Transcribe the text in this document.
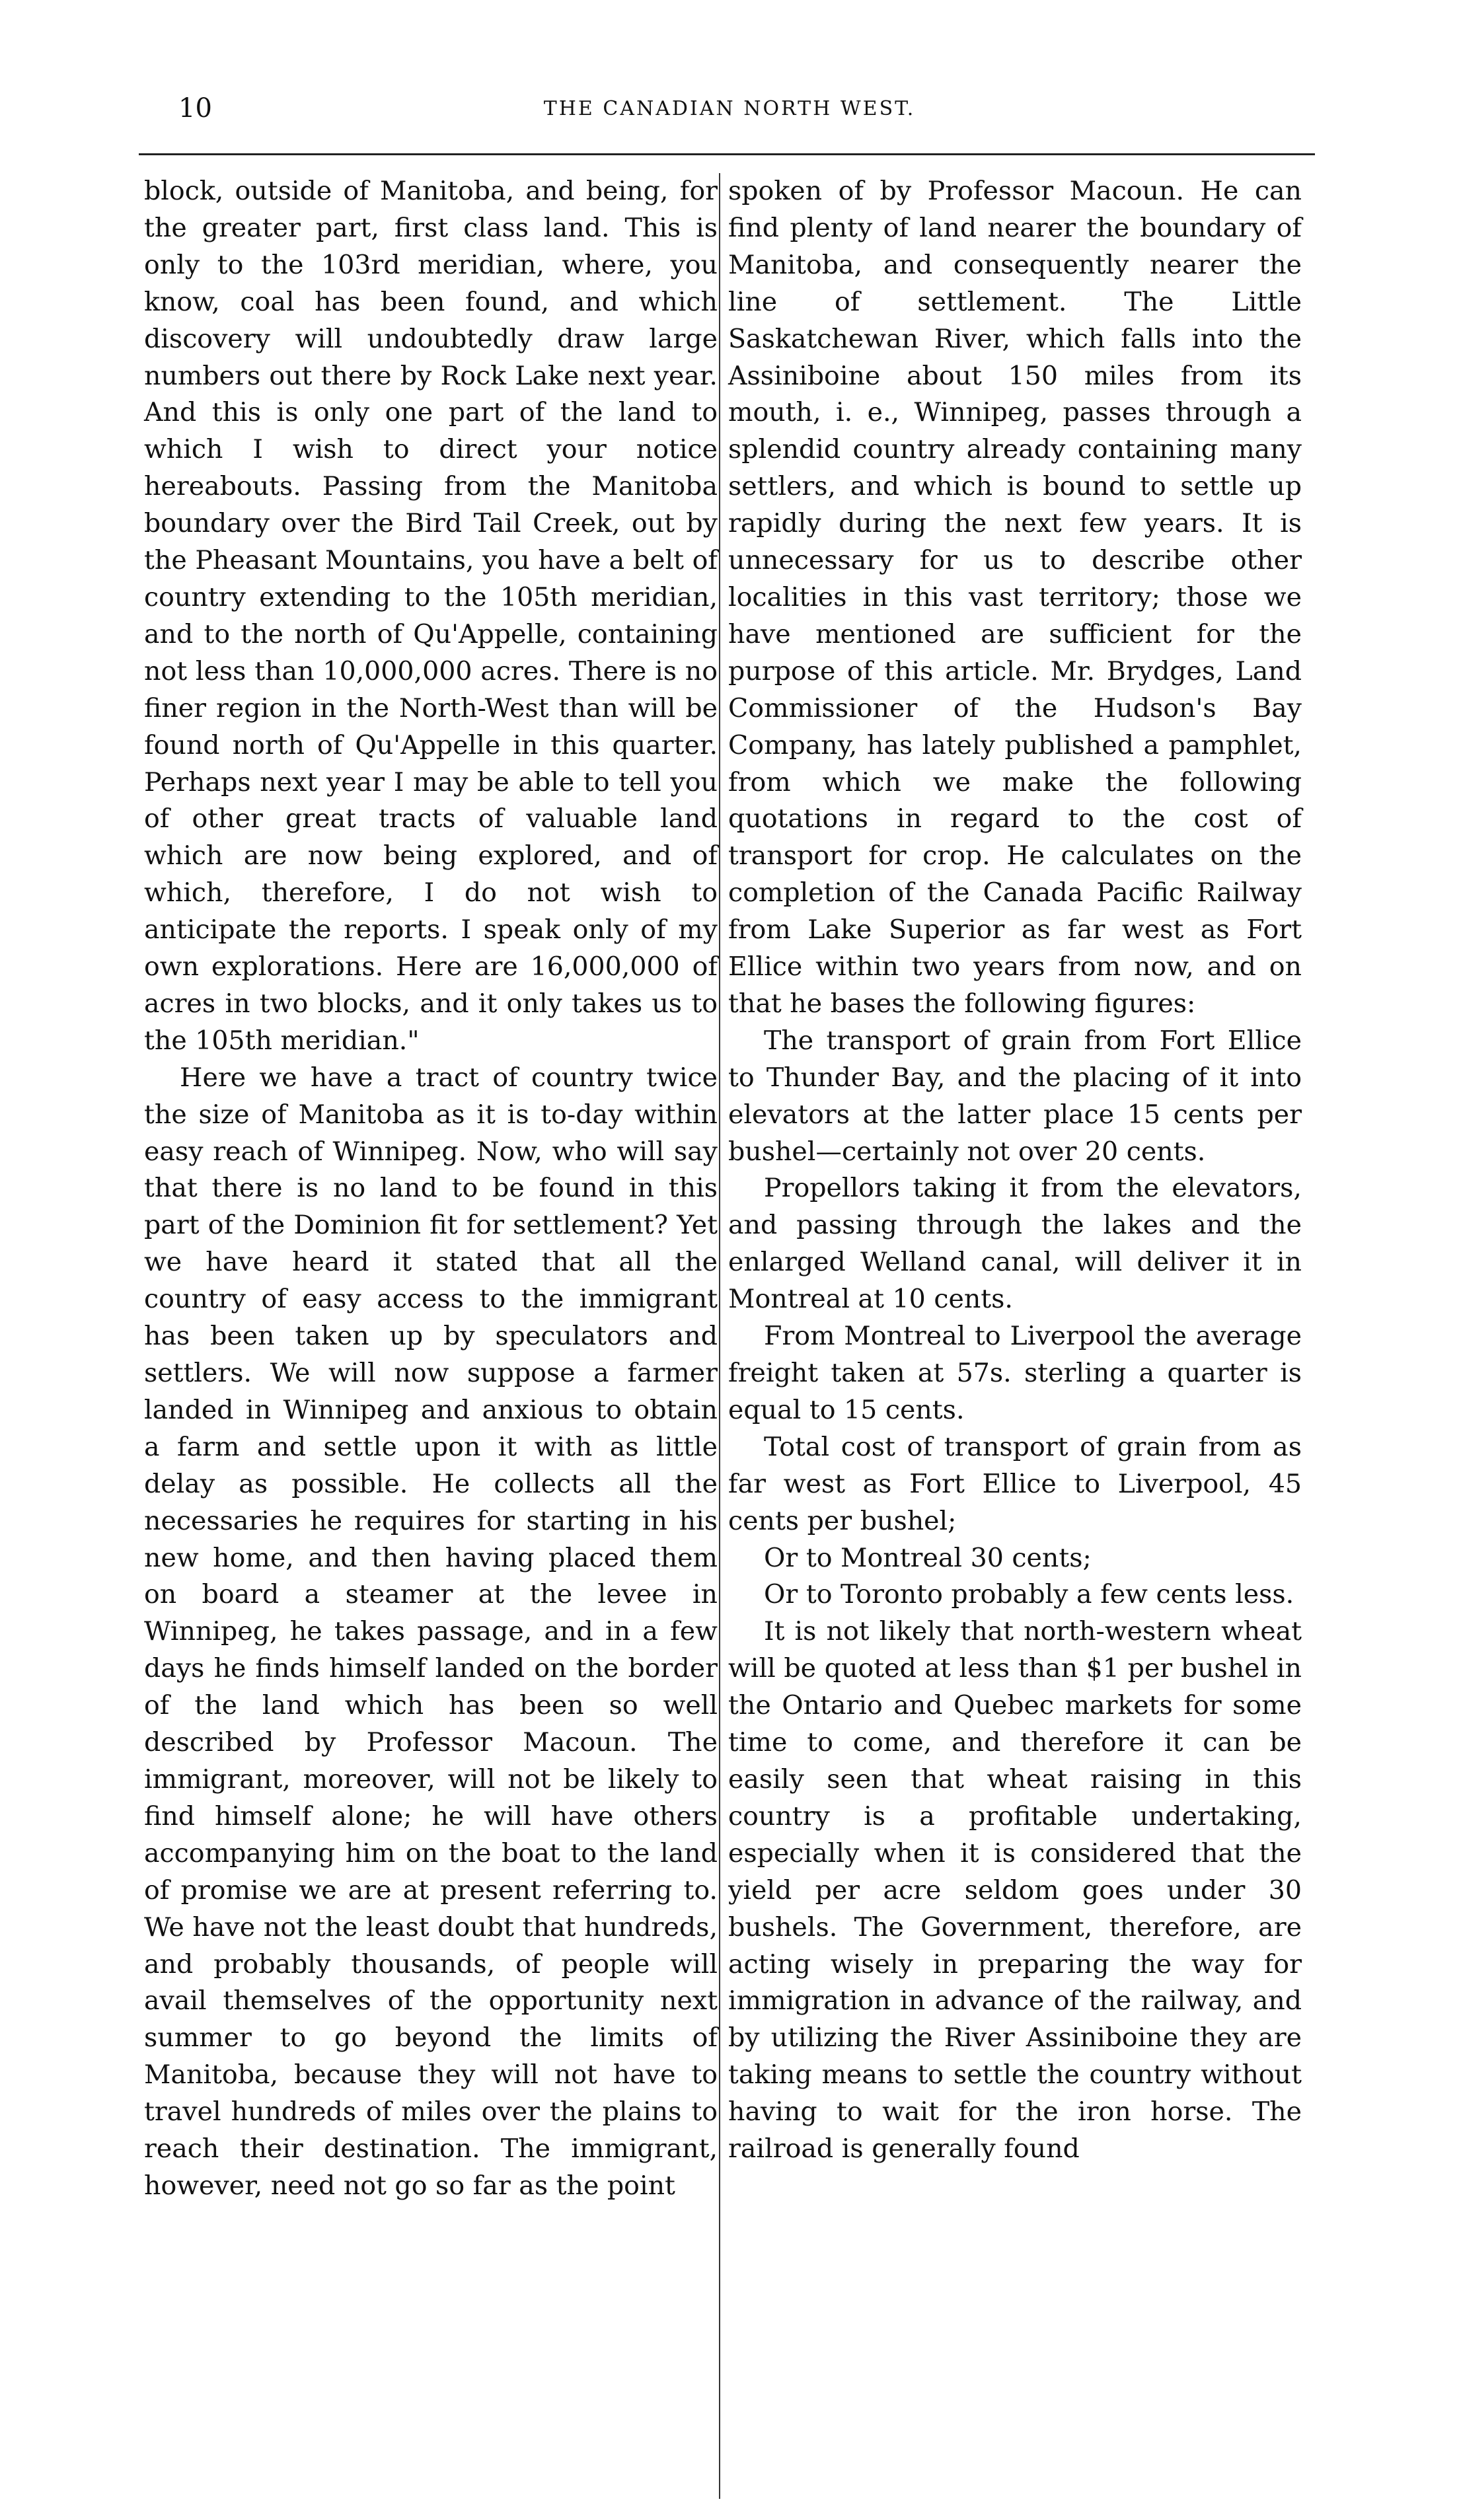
10	THE CANADIAN NORTH WEST.

block, outside of Manitoba, and being, for the greater part, first class land. This is only to the 103rd meridian, where, you know, coal has been found, and which discovery will undoubtedly draw large numbers out there by Rock Lake next year. And this is only one part of the land to which I wish to direct your notice hereabouts. Passing from the Manitoba boundary over the Bird Tail Creek, out by the Pheasant Mountains, you have a belt of country extending to the 105th meridian, and to the north of Qu'Appelle, containing not less than 10,000,000 acres. There is no finer region in the North-West than will be found north of Qu'Appelle in this quarter. Perhaps next year I may be able to tell you of other great tracts of valuable land which are now being explored, and of which, therefore, I do not wish to anticipate the reports. I speak only of my own explorations. Here are 16,000,000 of acres in two blocks, and it only takes us to the 105th meridian."

Here we have a tract of country twice the size of Manitoba as it is to-day within easy reach of Winnipeg. Now, who will say that there is no land to be found in this part of the Dominion fit for settlement? Yet we have heard it stated that all the country of easy access to the immigrant has been taken up by speculators and settlers. We will now suppose a farmer landed in Winnipeg and anxious to obtain a farm and settle upon it with as little delay as possible. He collects all the necessaries he requires for starting in his new home, and then having placed them on board a steamer at the levee in Winnipeg, he takes passage, and in a few days he finds himself landed on the border of the land which has been so well described by Professor Macoun. The immigrant, moreover, will not be likely to find himself alone; he will have others accompanying him on the boat to the land of promise we are at present referring to. We have not the least doubt that hundreds, and probably thousands, of people will avail themselves of the opportunity next summer to go beyond the limits of Manitoba, because they will not have to travel hundreds of miles over the plains to reach their destination. The immigrant, however, need not go so far as the point

spoken of by Professor Macoun. He can find plenty of land nearer the boundary of Manitoba, and consequently nearer the line of settlement. The Little Saskatchewan River, which falls into the Assiniboine about 150 miles from its mouth, i. e., Winnipeg, passes through a splendid country already containing many settlers, and which is bound to settle up rapidly during the next few years. It is unnecessary for us to describe other localities in this vast territory; those we have mentioned are sufficient for the purpose of this article. Mr. Brydges, Land Commissioner of the Hudson's Bay Company, has lately published a pamphlet, from which we make the following quotations in regard to the cost of transport for crop. He calculates on the completion of the Canada Pacific Railway from Lake Superior as far west as Fort Ellice within two years from now, and on that he bases the following figures:

The transport of grain from Fort Ellice to Thunder Bay, and the placing of it into elevators at the latter place 15 cents per bushel—certainly not over 20 cents.

Propellors taking it from the elevators, and passing through the lakes and the enlarged Welland canal, will deliver it in Montreal at 10 cents.

From Montreal to Liverpool the average freight taken at 57s. sterling a quarter is equal to 15 cents.

Total cost of transport of grain from as far west as Fort Ellice to Liverpool, 45 cents per bushel;

Or to Montreal 30 cents;

Or to Toronto probably a few cents less.

It is not likely that north-western wheat will be quoted at less than $1 per bushel in the Ontario and Quebec markets for some time to come, and therefore it can be easily seen that wheat raising in this country is a profitable undertaking, especially when it is considered that the yield per acre seldom goes under 30 bushels. The Government, therefore, are acting wisely in preparing the way for immigration in advance of the railway, and by utilizing the River Assiniboine they are taking means to settle the country without having to wait for the iron horse. The railroad is generally found
